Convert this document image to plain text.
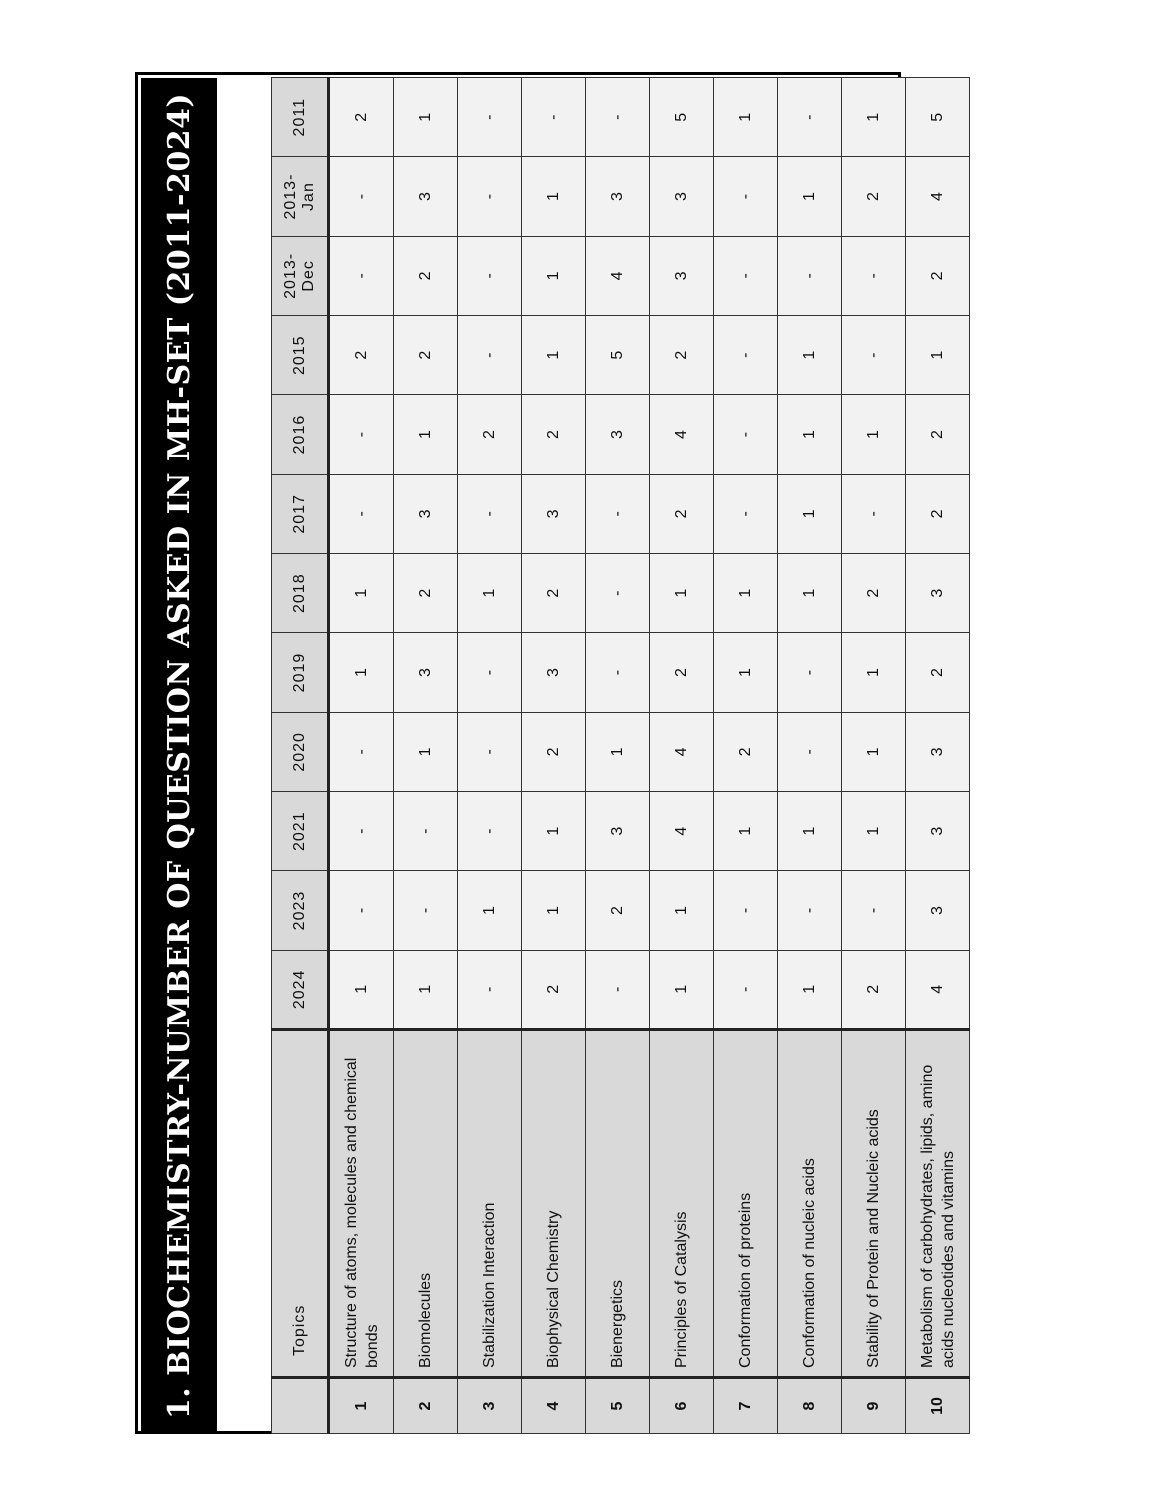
1. BIOCHEMISTRY-NUMBER OF QUESTION ASKED IN MH-SET (2011-2024)
		Topics	2024	2023	2021	2020	2019	2018	2017	2016	2015	2013- Dec	2013- Jan	2011
1	Structure of atoms, molecules and chemical bonds	1	-	-	-	1	1	-	-	2	-	-	2
2	Biomolecules	1	-	-	1	3	2	3	1	2	2	3	1
3	Stabilization Interaction	-	1	-	-	-	1	-	2	-	-	-	-
4	Biophysical Chemistry	2	1	1	2	3	2	3	2	1	1	1	-
5	Bienergetics	-	2	3	1	-	-	-	3	5	4	3	-
6	Principles of Catalysis	1	1	4	4	2	1	2	4	2	3	3	5
7	Conformation of proteins	-	-	1	2	1	1	-	-	-	-	-	1
8	Conformation of nucleic acids	1	-	1	-	-	1	1	1	1	-	1	-
9	Stability of Protein and Nucleic acids	2	-	1	1	1	2	-	1	-	-	2	1
10	Metabolism of carbohydrates, lipids, amino acids nucleotides and vitamins	4	3	3	3	2	3	2	2	1	2	4	5
